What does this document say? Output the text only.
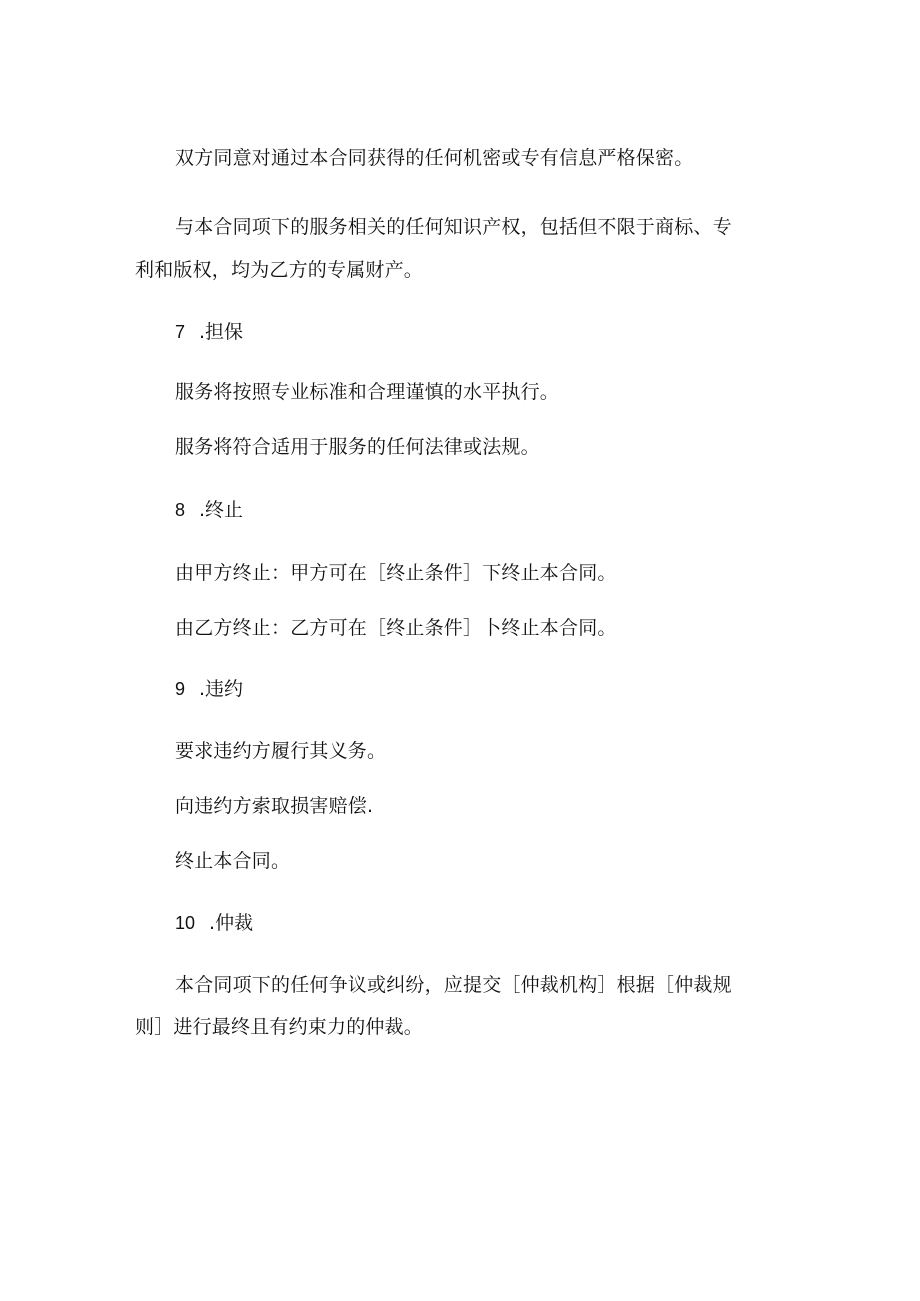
双方同意对通过本合同获得的任何机密或专有信息严格保密。
与本合同项下的服务相关的任何知识产权，包括但不限于商标、专
利和版权，均为乙方的专属财产。
7 .担保
服务将按照专业标准和合理谨慎的水平执行。
服务将符合适用于服务的任何法律或法规。
8 .终止
由甲方终止：甲方可在［终止条件］下终止本合同。
由乙方终止：乙方可在［终止条件］卜终止本合同。
9 .违约
要求违约方履行其义务。
向违约方索取损害赔偿.
终止本合同。
10 .仲裁
本合同项下的任何争议或纠纷，应提交［仲裁机构］根据［仲裁规
则］进行最终且有约束力的仲裁。
